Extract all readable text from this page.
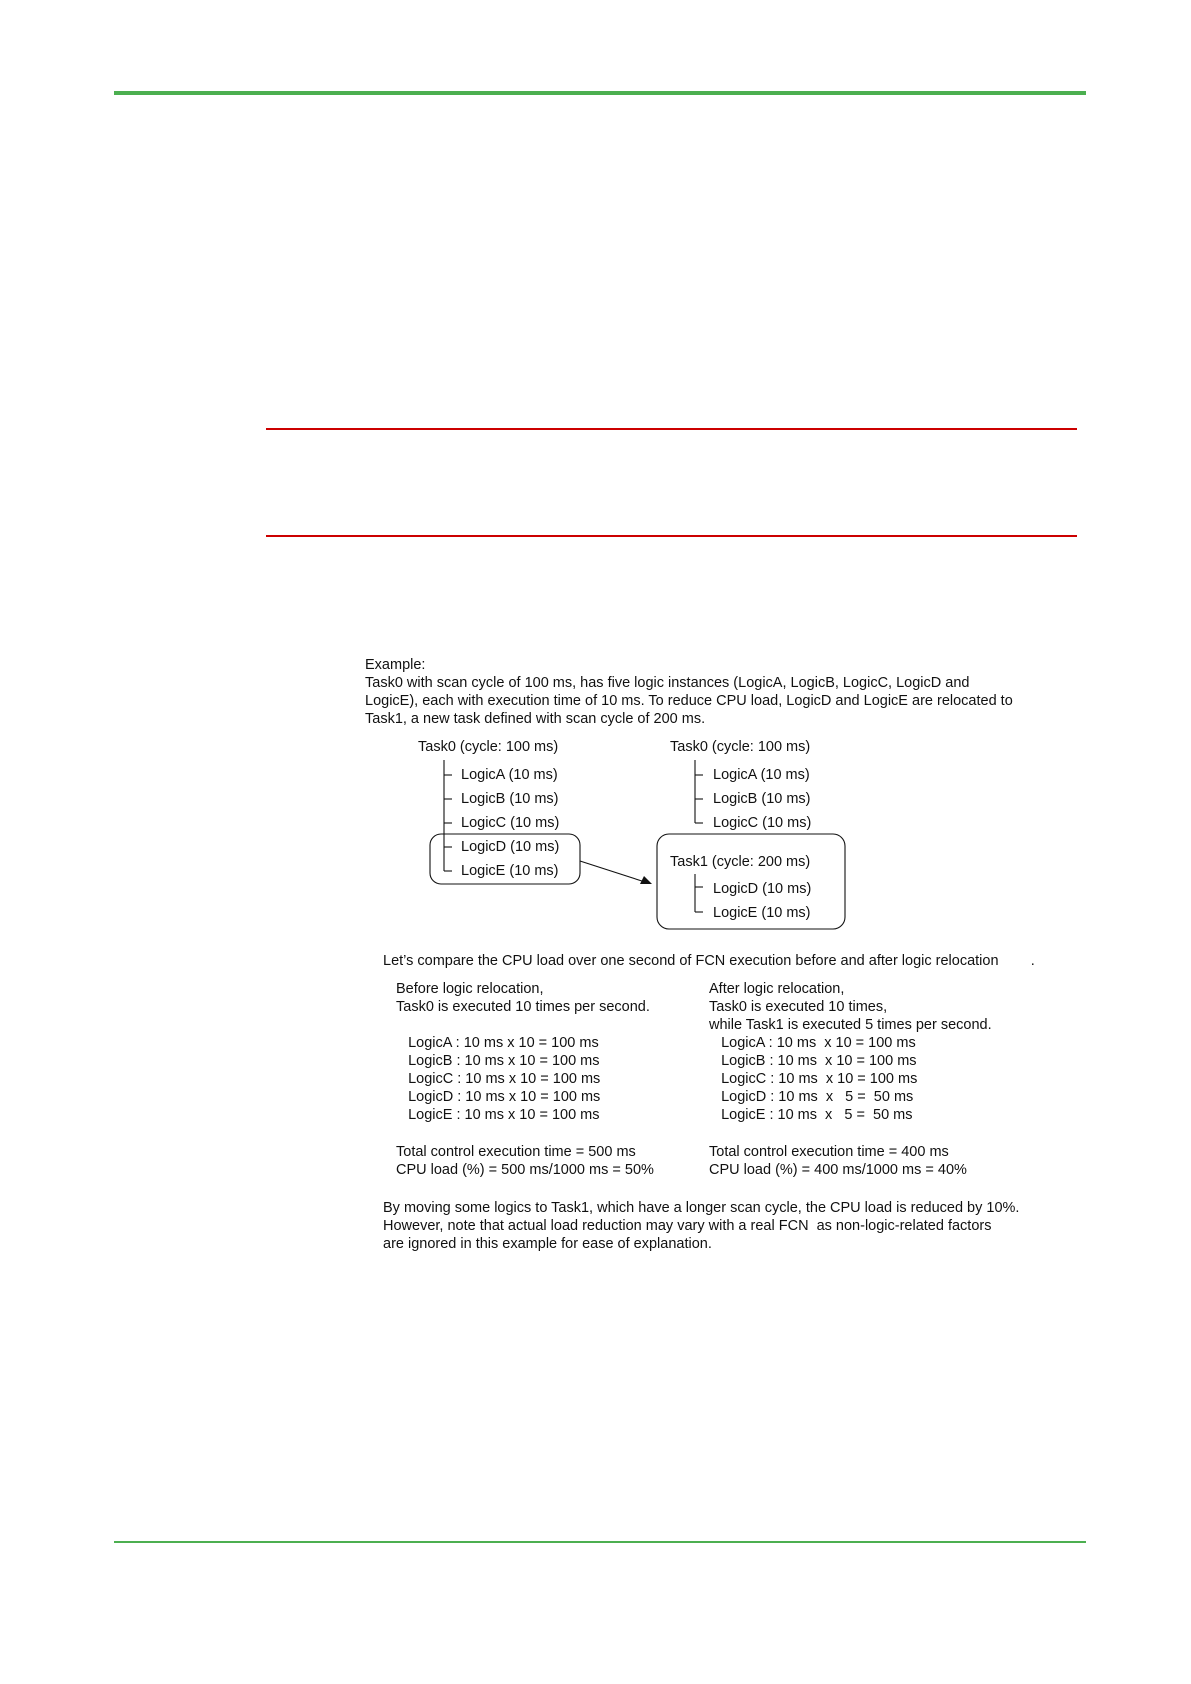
Example:
Task0 with scan cycle of 100 ms, has five logic instances (LogicA, LogicB, LogicC, LogicD and
LogicE), each with execution time of 10 ms. To reduce CPU load, LogicD and LogicE are relocated to
Task1, a new task defined with scan cycle of 200 ms.
Task0 (cycle: 100 ms)
LogicA (10 ms)
LogicB (10 ms)
LogicC (10 ms)
LogicD (10 ms)
LogicE (10 ms)
Task0 (cycle: 100 ms)
LogicA (10 ms)
LogicB (10 ms)
LogicC (10 ms)
Task1 (cycle: 200 ms)
LogicD (10 ms)
LogicE (10 ms)
Let’s compare the CPU load over one second of FCN execution before and after logic relocation        .
Before logic relocation,
Task0 is executed 10 times per second.
LogicA : 10 ms x 10 = 100 ms
LogicB : 10 ms x 10 = 100 ms
LogicC : 10 ms x 10 = 100 ms
LogicD : 10 ms x 10 = 100 ms
LogicE : 10 ms x 10 = 100 ms
Total control execution time = 500 ms
CPU load (%) = 500 ms/1000 ms = 50%
After logic relocation,
Task0 is executed 10 times,
while Task1 is executed 5 times per second.
LogicA : 10 ms  x 10 = 100 ms
LogicB : 10 ms  x 10 = 100 ms
LogicC : 10 ms  x 10 = 100 ms
LogicD : 10 ms  x   5 =  50 ms
LogicE : 10 ms  x   5 =  50 ms
Total control execution time = 400 ms
CPU load (%) = 400 ms/1000 ms = 40%
By moving some logics to Task1, which have a longer scan cycle, the CPU load is reduced by 10%.
However, note that actual load reduction may vary with a real FCN  as non-logic-related factors
are ignored in this example for ease of explanation.
